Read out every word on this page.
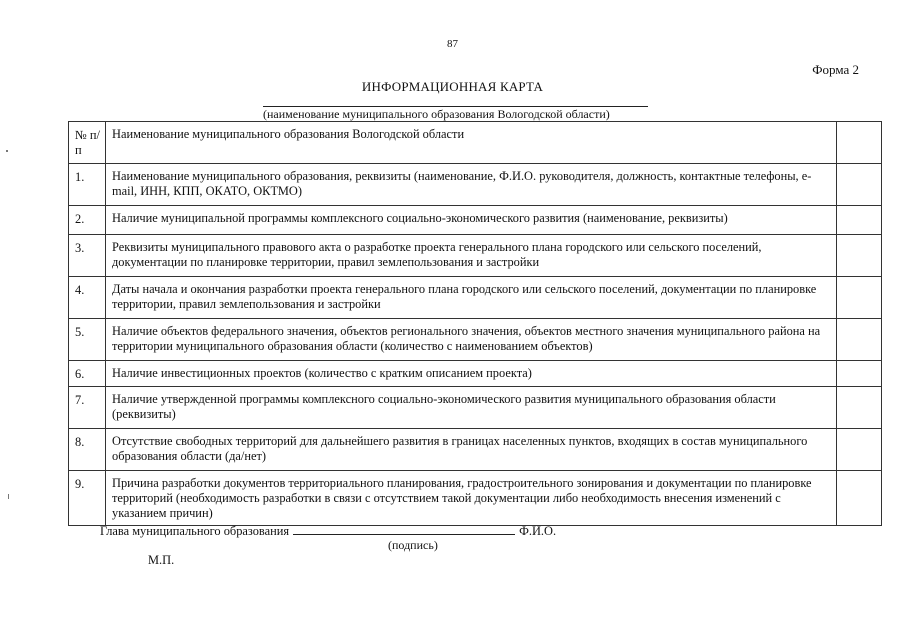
87
Форма 2
ИНФОРМАЦИОННАЯ КАРТА
(наименование муниципального образования Вологодской области)
№ п/п	Наименование муниципального образования Вологодской области	
1.	Наименование муниципального образования, реквизиты (наименование, Ф.И.О. руководителя, должность, контактные телефоны, e-mail, ИНН, КПП, ОКАТО, ОКТМО)	
2.	Наличие муниципальной программы комплексного социально-экономического развития (наименование, реквизиты)	
3.	Реквизиты муниципального правового акта о разработке проекта генерального плана городского или сельского поселений, документации по планировке территории, правил землепользования и застройки	
4.	Даты начала и окончания разработки проекта генерального плана городского или сельского поселений, документации по планировке территории, правил землепользования и застройки	
5.	Наличие объектов федерального значения, объектов регионального значения, объектов местного значения муниципального района на территории муниципального образования области (количество с наименованием объектов)	
6.	Наличие инвестиционных проектов (количество с кратким описанием проекта)	
7.	Наличие утвержденной программы комплексного социально-экономического развития муниципального образования области (реквизиты)	
8.	Отсутствие свободных территорий для дальнейшего развития в границах населенных пунктов, входящих в состав муниципального образования области (да/нет)	
9.	Причина разработки документов территориального планирования, градостроительного зонирования и документации по планировке территорий (необходимость разработки в связи с отсутствием такой документации либо необходимость внесения изменений с указанием причин)	
Глава муниципального образования	Ф.И.О.
(подпись)
М.П.
